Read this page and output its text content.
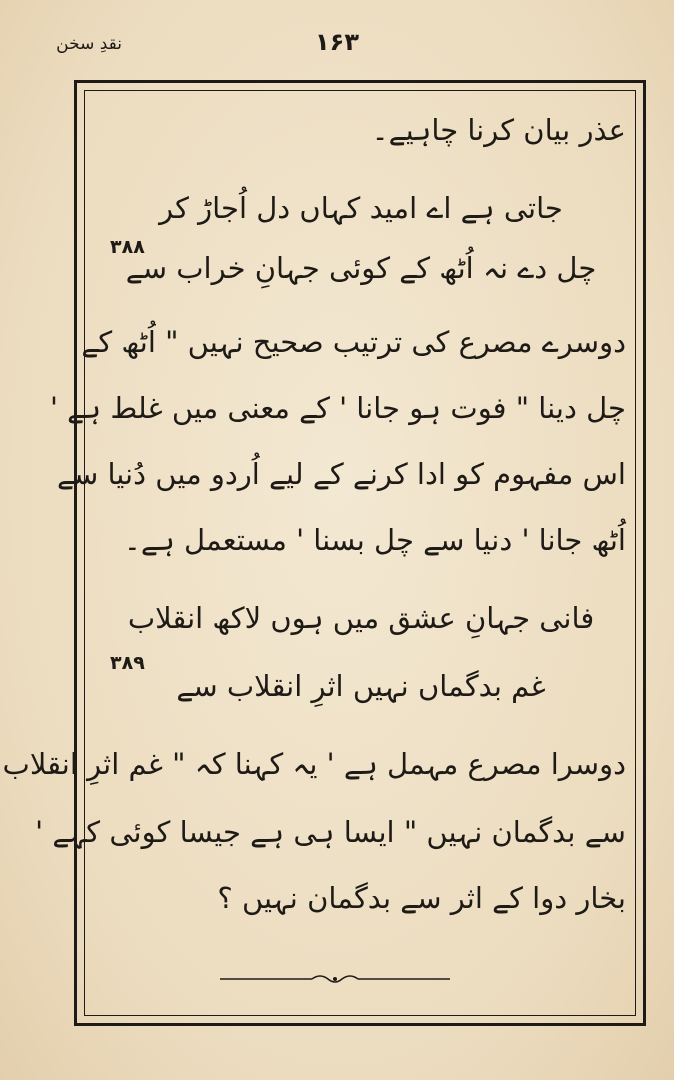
نقدِ سخن	۱۶۳
عذر بیان کرنا چاہیے۔
جاتی ہے اے امید کہاں دل اُجاڑ کر
چل دے نہ اُٹھ کے کوئی جہانِ خراب سے
دوسرے مصرع کی ترتیب صحیح نہیں " اُٹھ کے
چل دینا " فوت ہو جانا ' کے معنی میں غلط ہے '
اس مفہوم کو ادا کرنے کے لیے اُردو میں دُنیا سے
اُٹھ جانا ' دنیا سے چل بسنا ' مستعمل ہے۔
فانی جہانِ عشق میں ہوں لاکھ انقلاب
غم بدگماں نہیں اثرِ انقلاب سے
دوسرا مصرع مہمل ہے ' یہ کہنا کہ " غم اثرِ انقلاب
سے بدگمان نہیں " ایسا ہی ہے جیسا کوئی کہے '
بخار دوا کے اثر سے بدگمان نہیں ؟
۳۸۸
۳۸۹
